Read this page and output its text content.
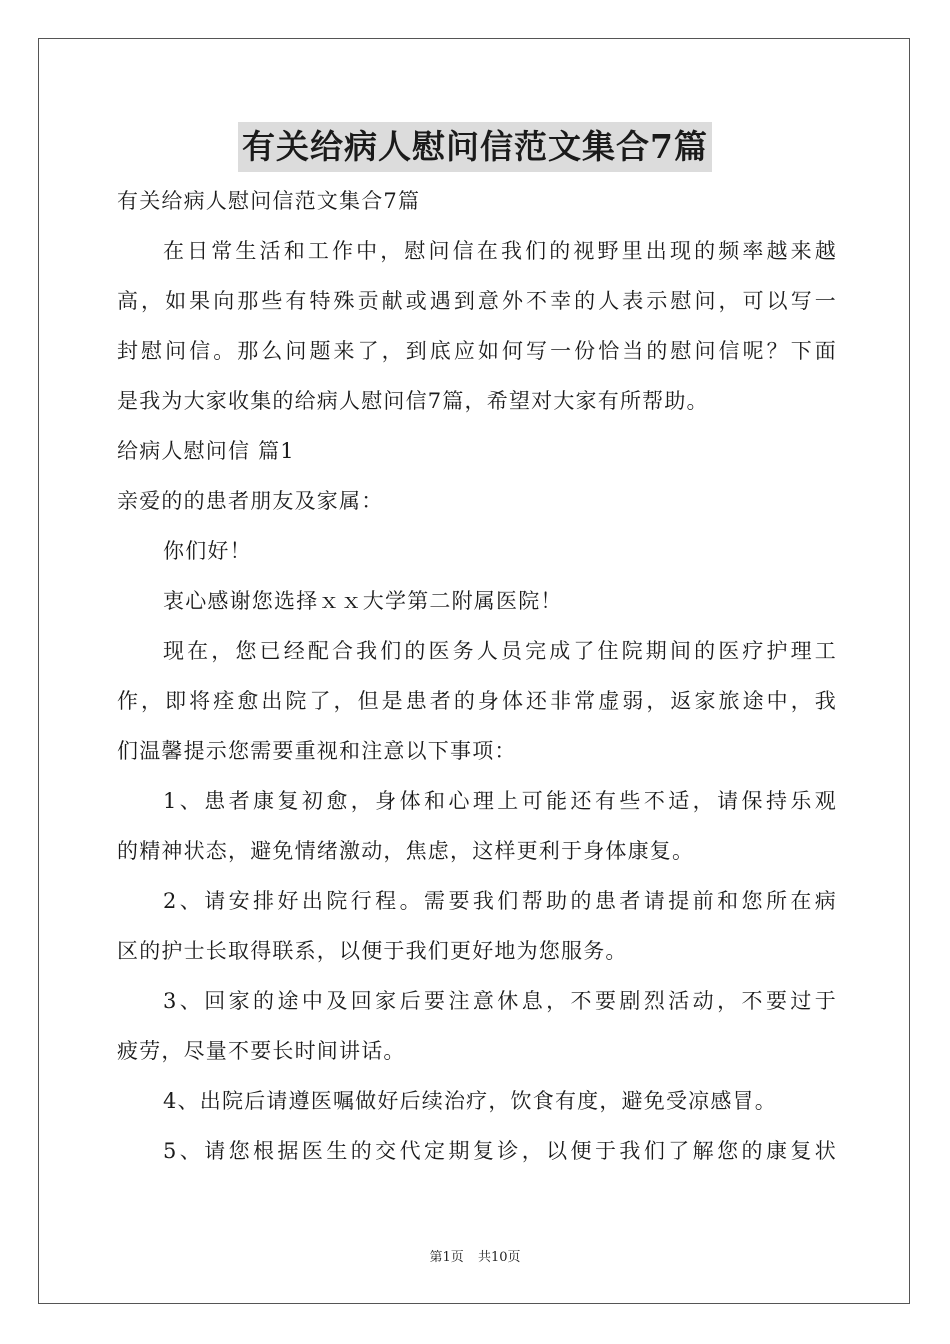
有关给病人慰问信范文集合7篇

有关给病人慰问信范文集合7篇

在日常生活和工作中，慰问信在我们的视野里出现的频率越来越

高，如果向那些有特殊贡献或遇到意外不幸的人表示慰问，可以写一

封慰问信。那么问题来了，到底应如何写一份恰当的慰问信呢？下面

是我为大家收集的给病人慰问信7篇，希望对大家有所帮助。

给病人慰问信 篇1

亲爱的的患者朋友及家属：

你们好！

衷心感谢您选择ｘｘ大学第二附属医院！

现在，您已经配合我们的医务人员完成了住院期间的医疗护理工

作，即将痊愈出院了，但是患者的身体还非常虚弱，返家旅途中，我

们温馨提示您需要重视和注意以下事项：

1、患者康复初愈，身体和心理上可能还有些不适，请保持乐观

的精神状态，避免情绪激动，焦虑，这样更利于身体康复。

2、请安排好出院行程。需要我们帮助的患者请提前和您所在病

区的护士长取得联系，以便于我们更好地为您服务。

3、回家的途中及回家后要注意休息，不要剧烈活动，不要过于

疲劳，尽量不要长时间讲话。

4、出院后请遵医嘱做好后续治疗，饮食有度，避免受凉感冒。

5、请您根据医生的交代定期复诊，以便于我们了解您的康复状

第1页 共10页
